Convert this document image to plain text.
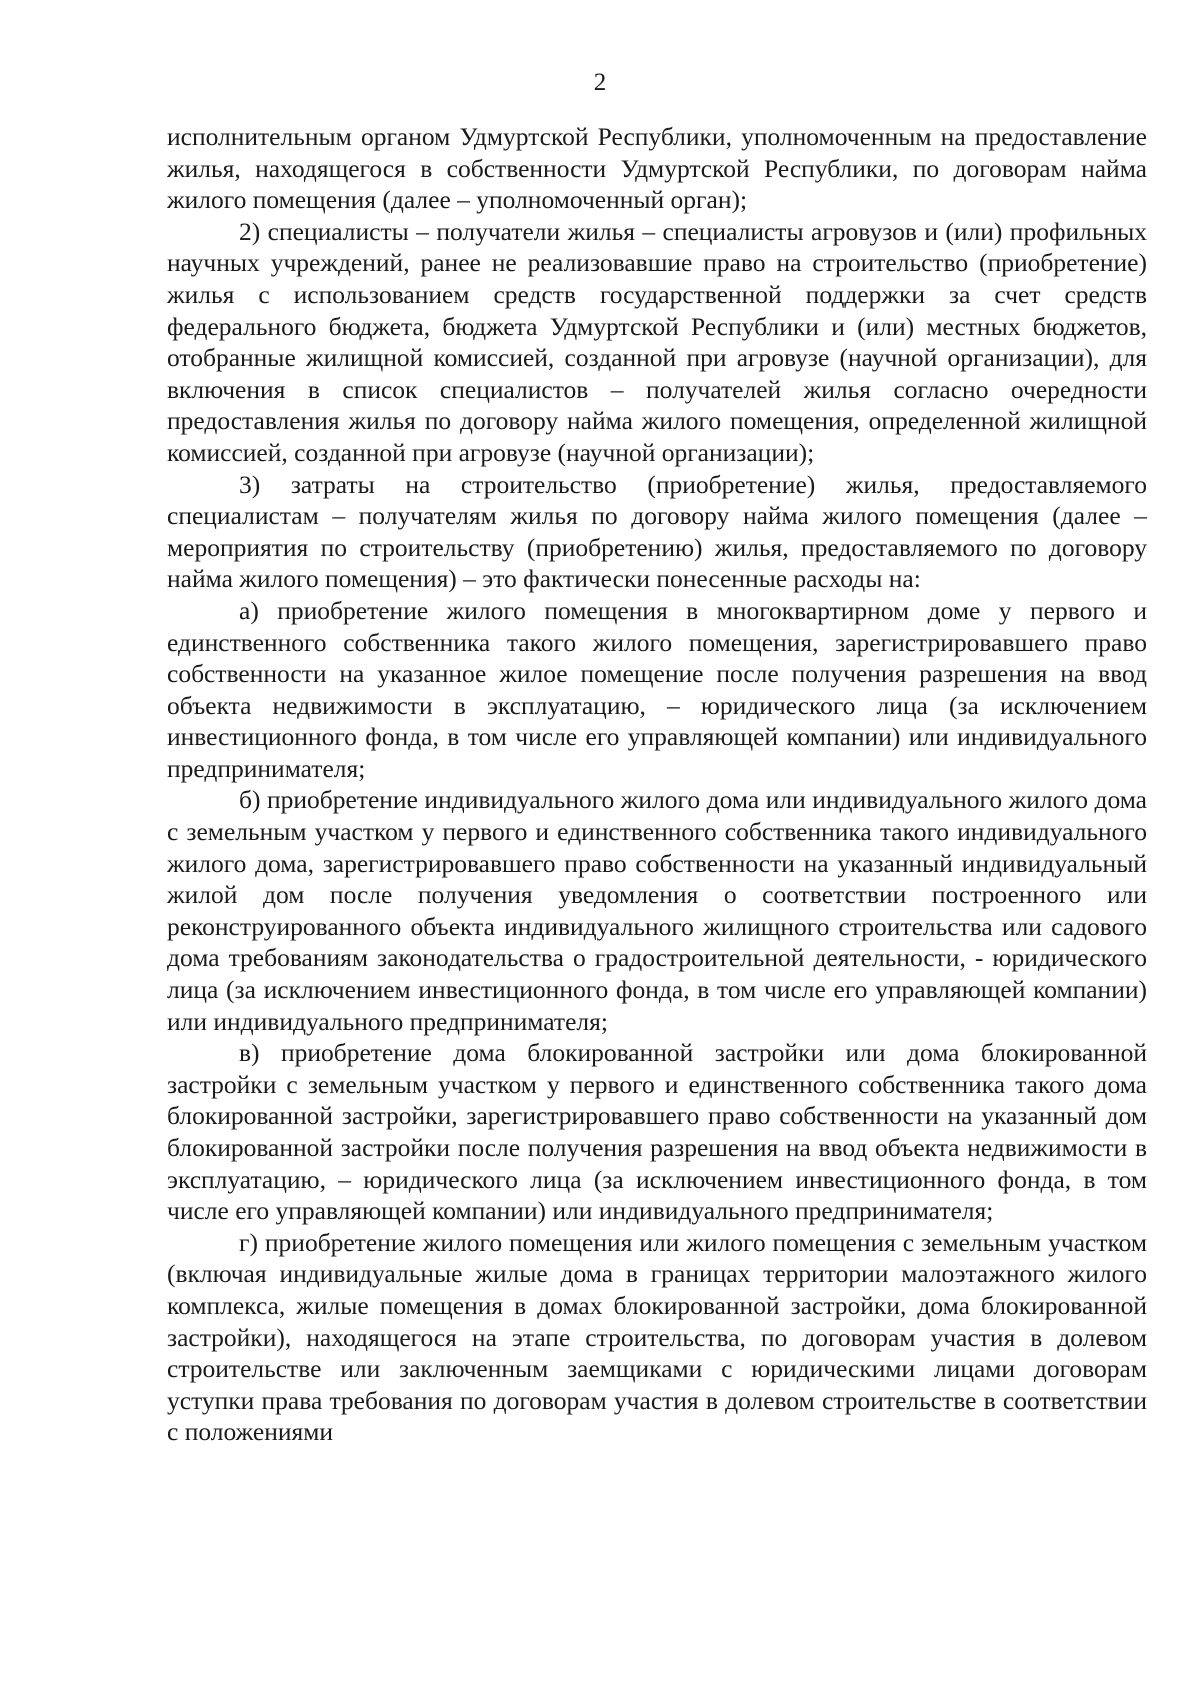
2

исполнительным органом Удмуртской Республики, уполномоченным на предоставление жилья, находящегося в собственности Удмуртской Республики, по договорам найма жилого помещения (далее – уполномоченный орган);

2) специалисты – получатели жилья – специалисты агровузов и (или) профильных научных учреждений, ранее не реализовавшие право на строительство (приобретение) жилья с использованием средств государственной поддержки за счет средств федерального бюджета, бюджета Удмуртской Республики и (или) местных бюджетов, отобранные жилищной комиссией, созданной при агровузе (научной организации), для включения в список специалистов – получателей жилья согласно очередности предоставления жилья по договору найма жилого помещения, определенной жилищной комиссией, созданной при агровузе (научной организации);

3) затраты на строительство (приобретение) жилья, предоставляемого специалистам – получателям жилья по договору найма жилого помещения (далее – мероприятия по строительству (приобретению) жилья, предоставляемого по договору найма жилого помещения) – это фактически понесенные расходы на:

а) приобретение жилого помещения в многоквартирном доме у первого и единственного собственника такого жилого помещения, зарегистрировавшего право собственности на указанное жилое помещение после получения разрешения на ввод объекта недвижимости в эксплуатацию, – юридического лица (за исключением инвестиционного фонда, в том числе его управляющей компании) или индивидуального предпринимателя;

б) приобретение индивидуального жилого дома или индивидуального жилого дома с земельным участком у первого и единственного собственника такого индивидуального жилого дома, зарегистрировавшего право собственности на указанный индивидуальный жилой дом после получения уведомления о соответствии построенного или реконструированного объекта индивидуального жилищного строительства или садового дома требованиям законодательства о градостроительной деятельности, - юридического лица (за исключением инвестиционного фонда, в том числе его управляющей компании) или индивидуального предпринимателя;

в) приобретение дома блокированной застройки или дома блокированной застройки с земельным участком у первого и единственного собственника такого дома блокированной застройки, зарегистрировавшего право собственности на указанный дом блокированной застройки после получения разрешения на ввод объекта недвижимости в эксплуатацию, – юридического лица (за исключением инвестиционного фонда, в том числе его управляющей компании) или индивидуального предпринимателя;

г) приобретение жилого помещения или жилого помещения с земельным участком (включая индивидуальные жилые дома в границах территории малоэтажного жилого комплекса, жилые помещения в домах блокированной застройки, дома блокированной застройки), находящегося на этапе строительства, по договорам участия в долевом строительстве или заключенным заемщиками с юридическими лицами договорам уступки права требования по договорам участия в долевом строительстве в соответствии с положениями
